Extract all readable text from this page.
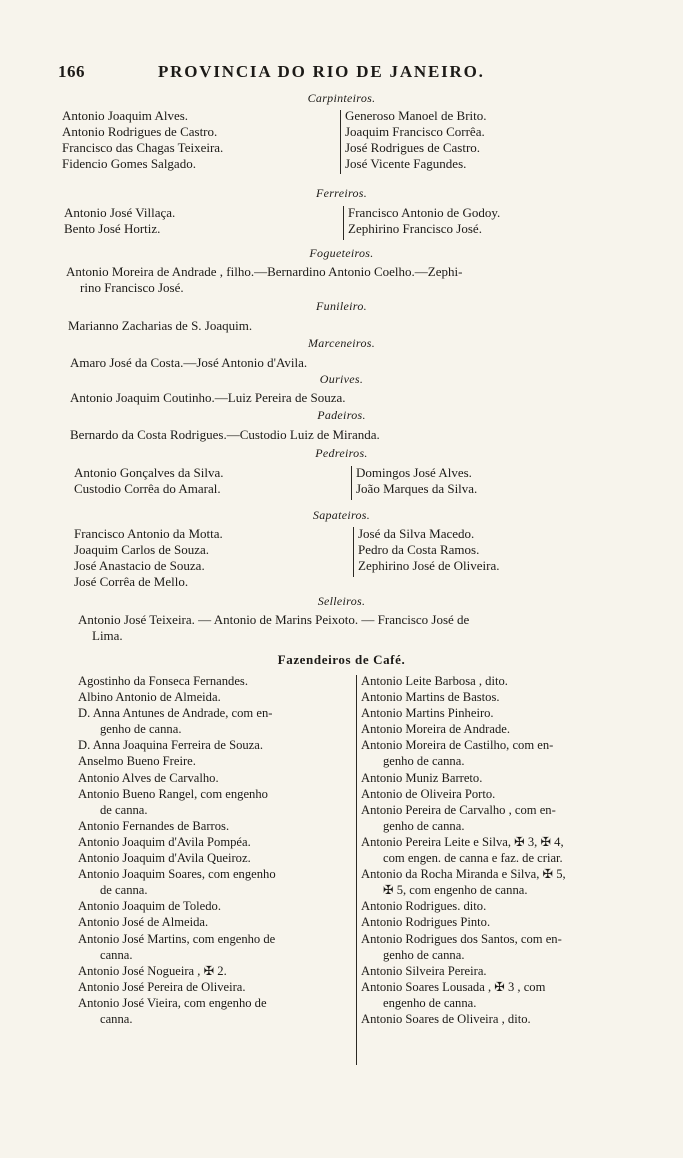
166	PROVINCIA DO RIO DE JANEIRO.
Carpinteiros.
Antonio Joaquim Alves.
Antonio Rodrigues de Castro.
Francisco das Chagas Teixeira.
Fidencio Gomes Salgado.
Generoso Manoel de Brito.
Joaquim Francisco Corrêa.
José Rodrigues de Castro.
José Vicente Fagundes.
Ferreiros.
Antonio José Villaça.
Bento José Hortiz.
Francisco Antonio de Godoy.
Zephirino Francisco José.
Fogueteiros.
Antonio Moreira de Andrade , filho.—Bernardino Antonio Coelho.—Zephi-
rino Francisco José.
Funileiro.
Marianno Zacharias de S. Joaquim.
Marceneiros.
Amaro José da Costa.—José Antonio d'Avila.
Ourives.
Antonio Joaquim Coutinho.—Luiz Pereira de Souza.
Padeiros.
Bernardo da Costa Rodrigues.—Custodio Luiz de Miranda.
Pedreiros.
Antonio Gonçalves da Silva.
Custodio Corrêa do Amaral.
Domingos José Alves.
João Marques da Silva.
Sapateiros.
Francisco Antonio da Motta.
Joaquim Carlos de Souza.
José Anastacio de Souza.
José Corrêa de Mello.
José da Silva Macedo.
Pedro da Costa Ramos.
Zephirino José de Oliveira.
Selleiros.
Antonio José Teixeira. — Antonio de Marins Peixoto. — Francisco José de
Lima.
Fazendeiros de Café.
Agostinho da Fonseca Fernandes.
Albino Antonio de Almeida.
D. Anna Antunes de Andrade, com en-
genho de canna.
D. Anna Joaquina Ferreira de Souza.
Anselmo Bueno Freire.
Antonio Alves de Carvalho.
Antonio Bueno Rangel, com engenho
de canna.
Antonio Fernandes de Barros.
Antonio Joaquim d'Avila Pompéa.
Antonio Joaquim d'Avila Queiroz.
Antonio Joaquim Soares, com engenho
de canna.
Antonio Joaquim de Toledo.
Antonio José de Almeida.
Antonio José Martins, com engenho de
canna.
Antonio José Nogueira , ✠ 2.
Antonio José Pereira de Oliveira.
Antonio José Vieira, com engenho de
canna.
Antonio Leite Barbosa , dito.
Antonio Martins de Bastos.
Antonio Martins Pinheiro.
Antonio Moreira de Andrade.
Antonio Moreira de Castilho, com en-
genho de canna.
Antonio Muniz Barreto.
Antonio de Oliveira Porto.
Antonio Pereira de Carvalho , com en-
genho de canna.
Antonio Pereira Leite e Silva, ✠ 3, ✠ 4,
com engen. de canna e faz. de criar.
Antonio da Rocha Miranda e Silva, ✠ 5,
✠ 5, com engenho de canna.
Antonio Rodrigues. dito.
Antonio Rodrigues Pinto.
Antonio Rodrigues dos Santos, com en-
genho de canna.
Antonio Silveira Pereira.
Antonio Soares Lousada , ✠ 3 , com
engenho de canna.
Antonio Soares de Oliveira , dito.
